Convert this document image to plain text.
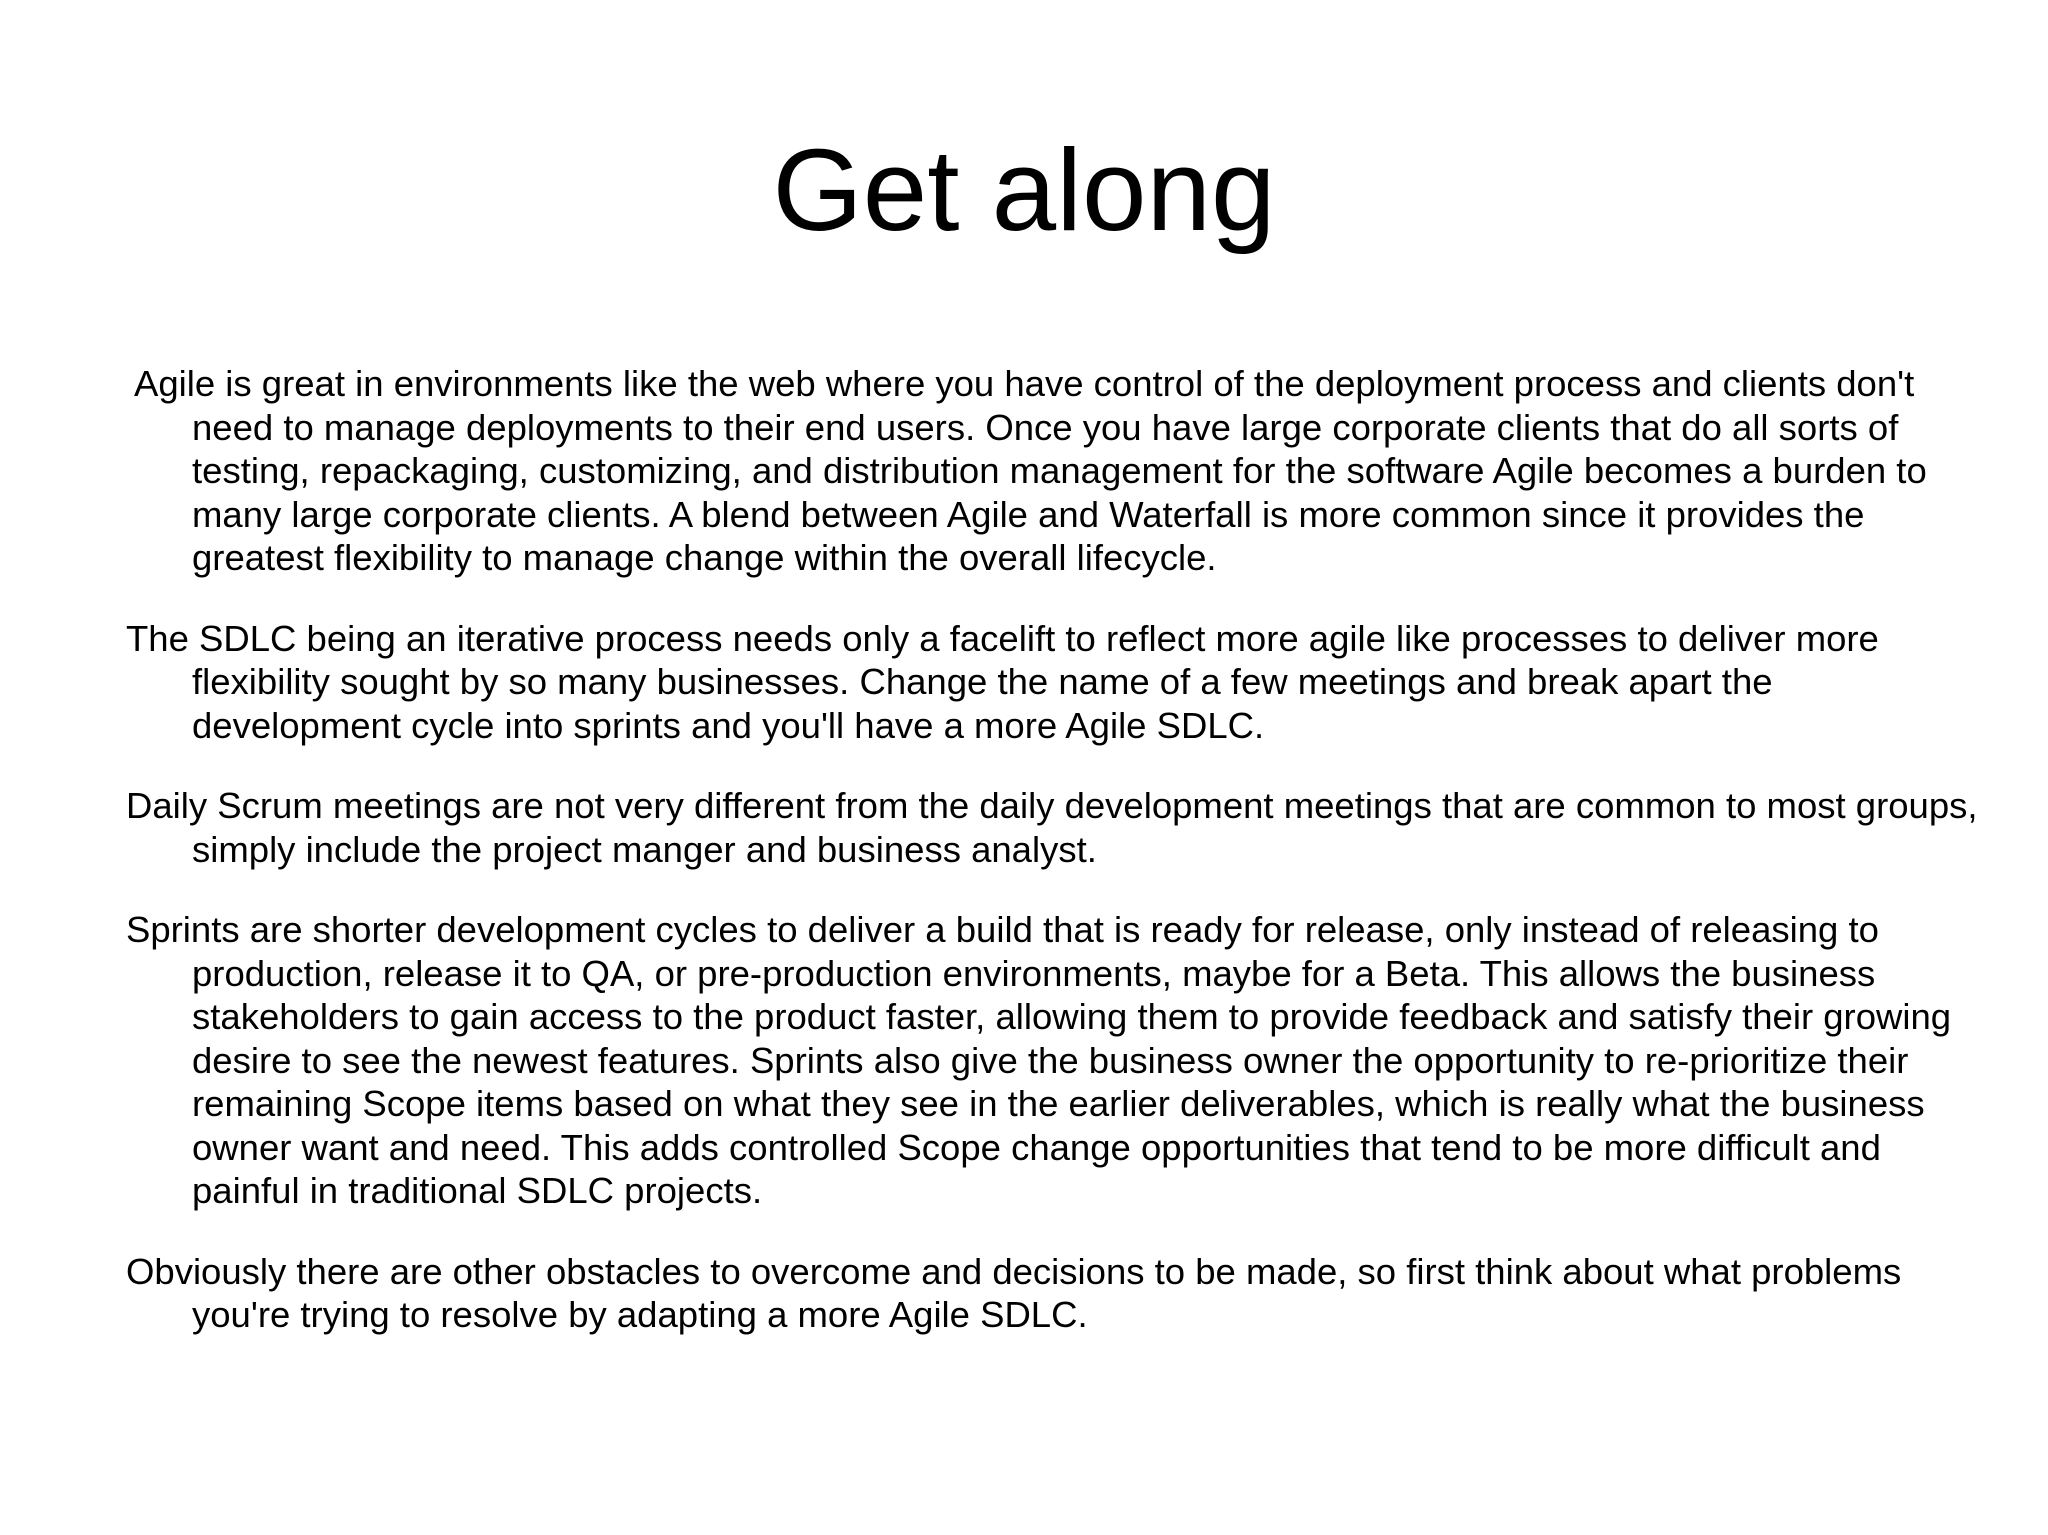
Get along

Agile is great in environments like the web where you have control of the deployment process and clients don't need to manage deployments to their end users. Once you have large corporate clients that do all sorts of testing, repackaging, customizing, and distribution management for the software Agile becomes a burden to many large corporate clients. A blend between Agile and Waterfall is more common since it provides the greatest flexibility to manage change within the overall lifecycle.

The SDLC being an iterative process needs only a facelift to reflect more agile like processes to deliver more flexibility sought by so many businesses. Change the name of a few meetings and break apart the development cycle into sprints and you'll have a more Agile SDLC.

Daily Scrum meetings are not very different from the daily development meetings that are common to most groups, simply include the project manger and business analyst.

Sprints are shorter development cycles to deliver a build that is ready for release, only instead of releasing to production, release it to QA, or pre-production environments, maybe for a Beta. This allows the business stakeholders to gain access to the product faster, allowing them to provide feedback and satisfy their growing desire to see the newest features. Sprints also give the business owner the opportunity to re-prioritize their remaining Scope items based on what they see in the earlier deliverables, which is really what the business owner want and need. This adds controlled Scope change opportunities that tend to be more difficult and painful in traditional SDLC projects.

Obviously there are other obstacles to overcome and decisions to be made, so first think about what problems you're trying to resolve by adapting a more Agile SDLC.
